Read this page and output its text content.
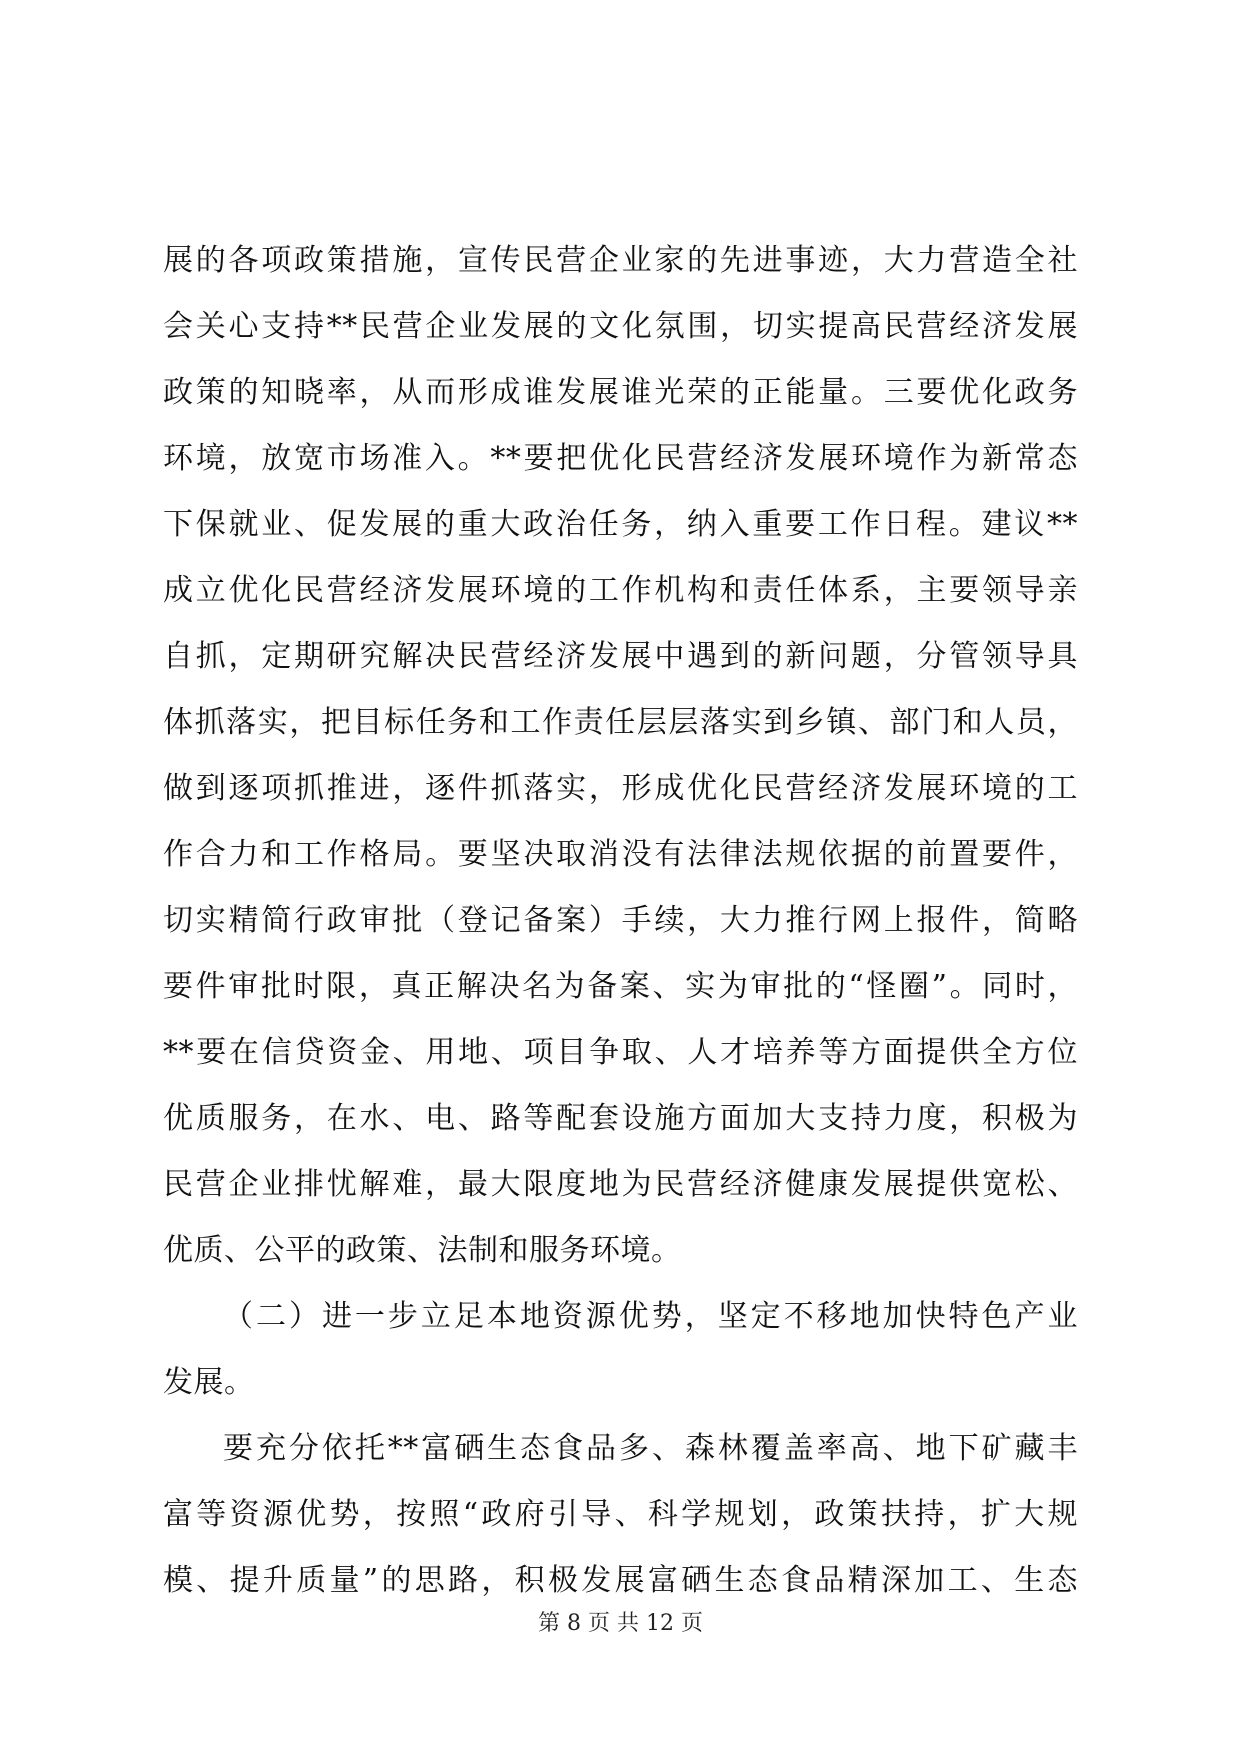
展的各项政策措施，宣传民营企业家的先进事迹，大力营造全社
会关心支持**民营企业发展的文化氛围，切实提高民营经济发展
政策的知晓率，从而形成谁发展谁光荣的正能量。三要优化政务
环境，放宽市场准入。**要把优化民营经济发展环境作为新常态
下保就业、促发展的重大政治任务，纳入重要工作日程。建议**
成立优化民营经济发展环境的工作机构和责任体系，主要领导亲
自抓，定期研究解决民营经济发展中遇到的新问题，分管领导具
体抓落实，把目标任务和工作责任层层落实到乡镇、部门和人员，
做到逐项抓推进，逐件抓落实，形成优化民营经济发展环境的工
作合力和工作格局。要坚决取消没有法律法规依据的前置要件，
切实精简行政审批（登记备案）手续，大力推行网上报件，简略
要件审批时限，真正解决名为备案、实为审批的“怪圈”。同时，
**要在信贷资金、用地、项目争取、人才培养等方面提供全方位
优质服务，在水、电、路等配套设施方面加大支持力度，积极为
民营企业排忧解难，最大限度地为民营经济健康发展提供宽松、
优质、公平的政策、法制和服务环境。
（二）进一步立足本地资源优势，坚定不移地加快特色产业
发展。
要充分依托**富硒生态食品多、森林覆盖率高、地下矿藏丰
富等资源优势，按照“政府引导、科学规划，政策扶持，扩大规
模、提升质量”的思路，积极发展富硒生态食品精深加工、生态
第 8 页 共 12 页
